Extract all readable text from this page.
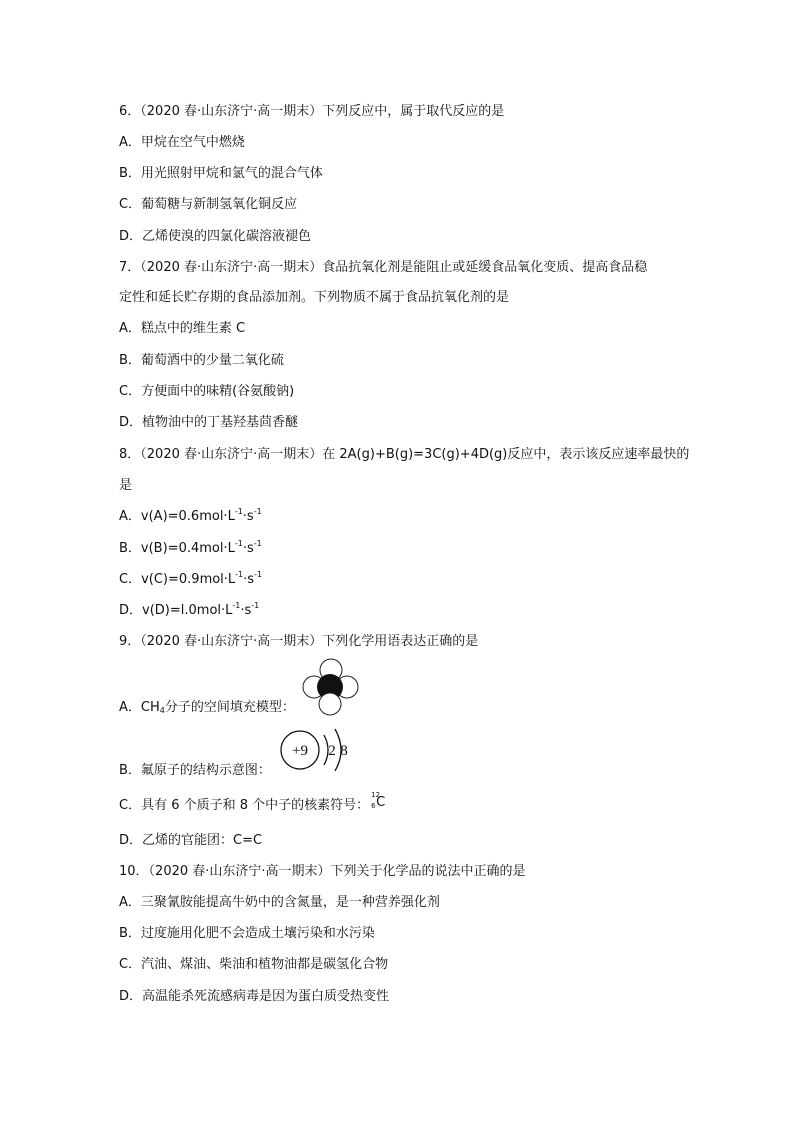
6．（2020 春·山东济宁·高一期末）下列反应中，属于取代反应的是
A．甲烷在空气中燃烧
B．用光照射甲烷和氯气的混合气体
C．葡萄糖与新制氢氧化铜反应
D．乙烯使溴的四氯化碳溶液褪色
7．（2020 春·山东济宁·高一期末）食品抗氧化剂是能阻止或延缓食品氧化变质、提高食品稳
定性和延长贮存期的食品添加剂。下列物质不属于食品抗氧化剂的是
A．糕点中的维生素 C
B．葡萄酒中的少量二氧化硫
C．方便面中的味精(谷氨酸钠)
D．植物油中的丁基羟基茴香醚
8．（2020 春·山东济宁·高一期末）在 2A(g)+B(g)=3C(g)+4D(g)反应中，表示该反应速率最快的
是
A．$v(A)=0.6mol\cdot L^{-1}\cdot s^{-1}$
B．$v(B)=0.4mol\cdot L^{-1}\cdot s^{-1}$
C．$v(C)=0.9mol\cdot L^{-1}\cdot s^{-1}$
D．$v(D)=l.0mol\cdot L^{-1}\cdot s^{-1}$
9．（2020 春·山东济宁·高一期末）下列化学用语表达正确的是
A．$CH_4$分子的空间填充模型：
+9 2 8
B．氟原子的结构示意图：
C．具有 6 个质子和 8 个中子的核素符号：
12
6 C
D．乙烯的官能团：C=C
10．（2020 春·山东济宁·高一期末）下列关于化学品的说法中正确的是
A．三聚氰胺能提高牛奶中的含氮量，是一种营养强化剂
B．过度施用化肥不会造成土壤污染和水污染
C．汽油、煤油、柴油和植物油都是碳氢化合物
D．高温能杀死流感病毒是因为蛋白质受热变性
